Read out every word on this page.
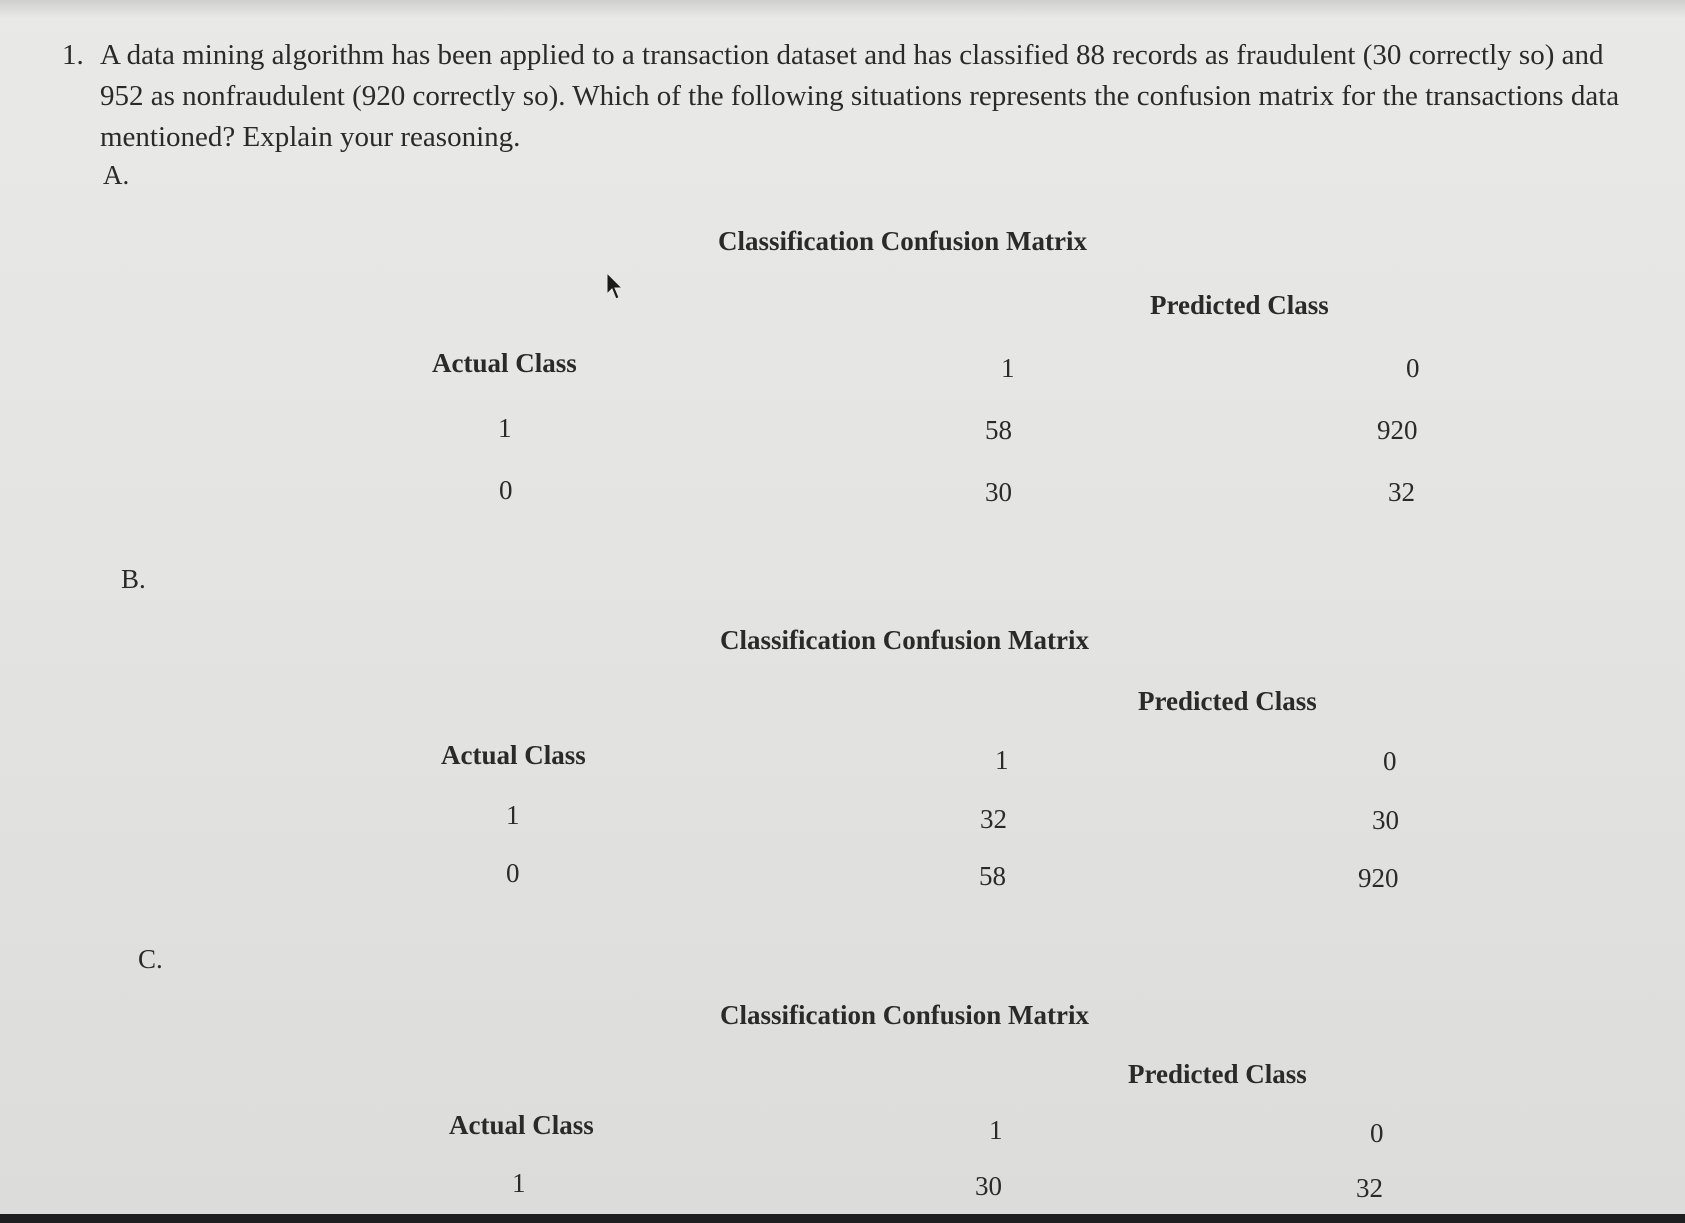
1. A data mining algorithm has been applied to a transaction dataset and has classified 88 records as fraudulent (30 correctly so) and 952 as nonfraudulent (920 correctly so). Which of the following situations represents the confusion matrix for the transactions data mentioned? Explain your reasoning.
A.
Classification Confusion Matrix
Predicted Class
Actual Class	1	0
1	58	920
0	30	32
B.
Classification Confusion Matrix
Predicted Class
Actual Class	1	0
1	32	30
0	58	920
C.
Classification Confusion Matrix
Predicted Class
Actual Class	1	0
1	30	32
